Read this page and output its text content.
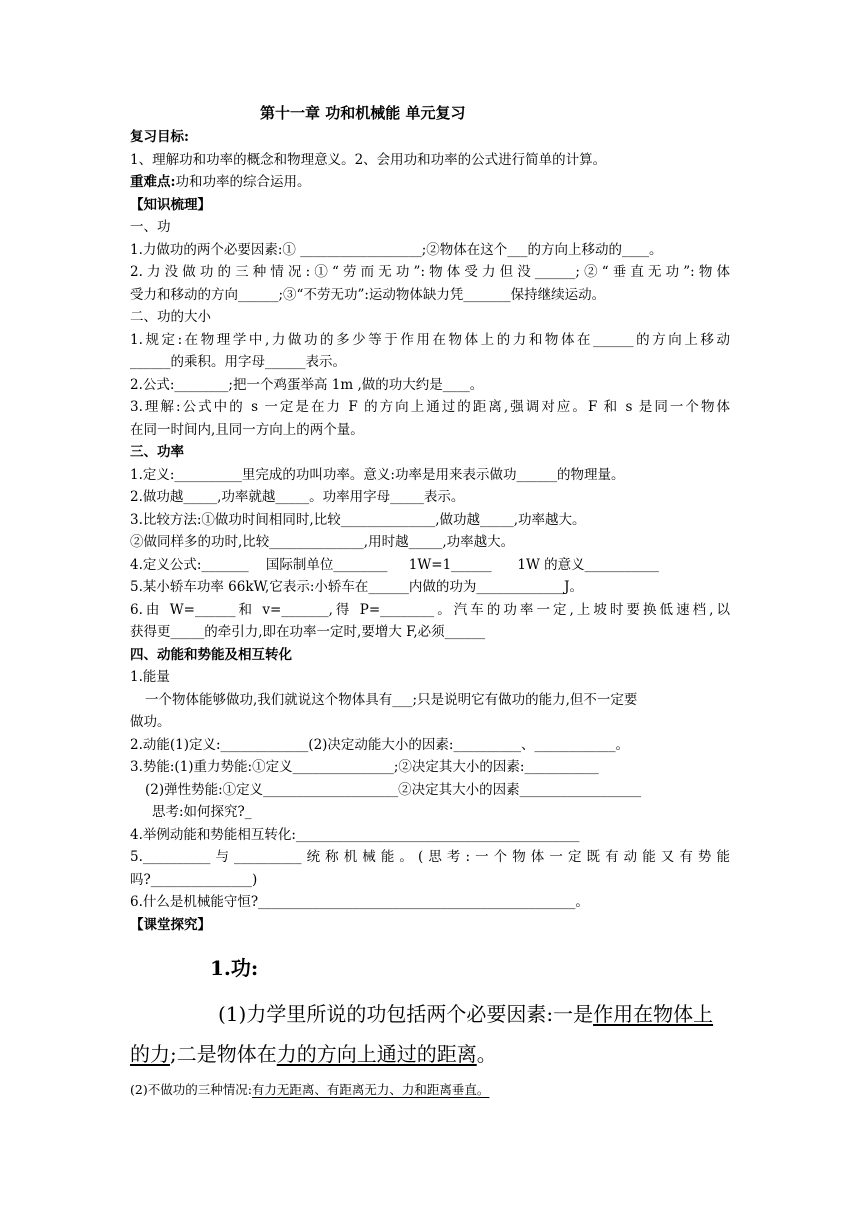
第十一章 功和机械能 单元复习
复习目标:
1、理解功和功率的概念和物理意义。2、会用功和功率的公式进行简单的计算。
重难点:功和功率的综合运用。
【知识梳理】
一、功
1.力做功的两个必要因素:① __________________;②物体在这个___的方向上移动的____。
2.力没做功的三种情况:①“劳而无功”:物体受力但没______;②“垂直无功”:物体
受力和移动的方向______;③“不劳无功”:运动物体缺力凭_______保持继续运动。
二、功的大小
1.规定:在物理学中,力做功的多少等于作用在物体上的力和物体在______的方向上移动
______的乘积。用字母______表示。
2.公式:________;把一个鸡蛋举高 1m ,做的功大约是____。
3.理解:公式中的 s 一定是在力 F 的方向上通过的距离,强调对应。F 和 s 是同一个物体
在同一时间内,且同一方向上的两个量。
三、功率
1.定义:__________里完成的功叫功率。意义:功率是用来表示做功______的物理量。
2.做功越_____,功率就越_____。功率用字母_____表示。
3.比较方法:①做功时间相同时,比较______________,做功越_____,功率越大。
②做同样多的功时,比较______________,用时越_____,功率越大。
4.定义公式:_______    国际制单位________     1W=1______      1W 的意义___________
5.某小轿车功率 66kW,它表示:小轿车在______内做的功为_____________J。
6.由 W=______和 v=_______,得 P=________。汽车的功率一定,上坡时要换低速档,以
获得更_____的牵引力,即在功率一定时,要增大 F,必须______
四、动能和势能及相互转化
1.能量
一个物体能够做功,我们就说这个物体具有___;只是说明它有做功的能力,但不一定要
做功。
2.动能(1)定义:_____________(2)决定动能大小的因素:__________、____________。
3.势能:(1)重力势能:①定义_______________;②决定其大小的因素:___________
(2)弹性势能:①定义____________________②决定其大小的因素__________________
思考:如何探究?_
4.举例动能和势能相互转化:__________________________________________
5.__________与__________统称机械能。(思考:一个物体一定既有动能又有势能
吗?_______________)
6.什么是机械能守恒?_______________________________________________。
【课堂探究】
1.功:
(1)力学里所说的功包括两个必要因素:一是作用在物体上的力;二是物体在力的方向上通过的距离。
(2)不做功的三种情况:有力无距离、有距离无力、力和距离垂直。
